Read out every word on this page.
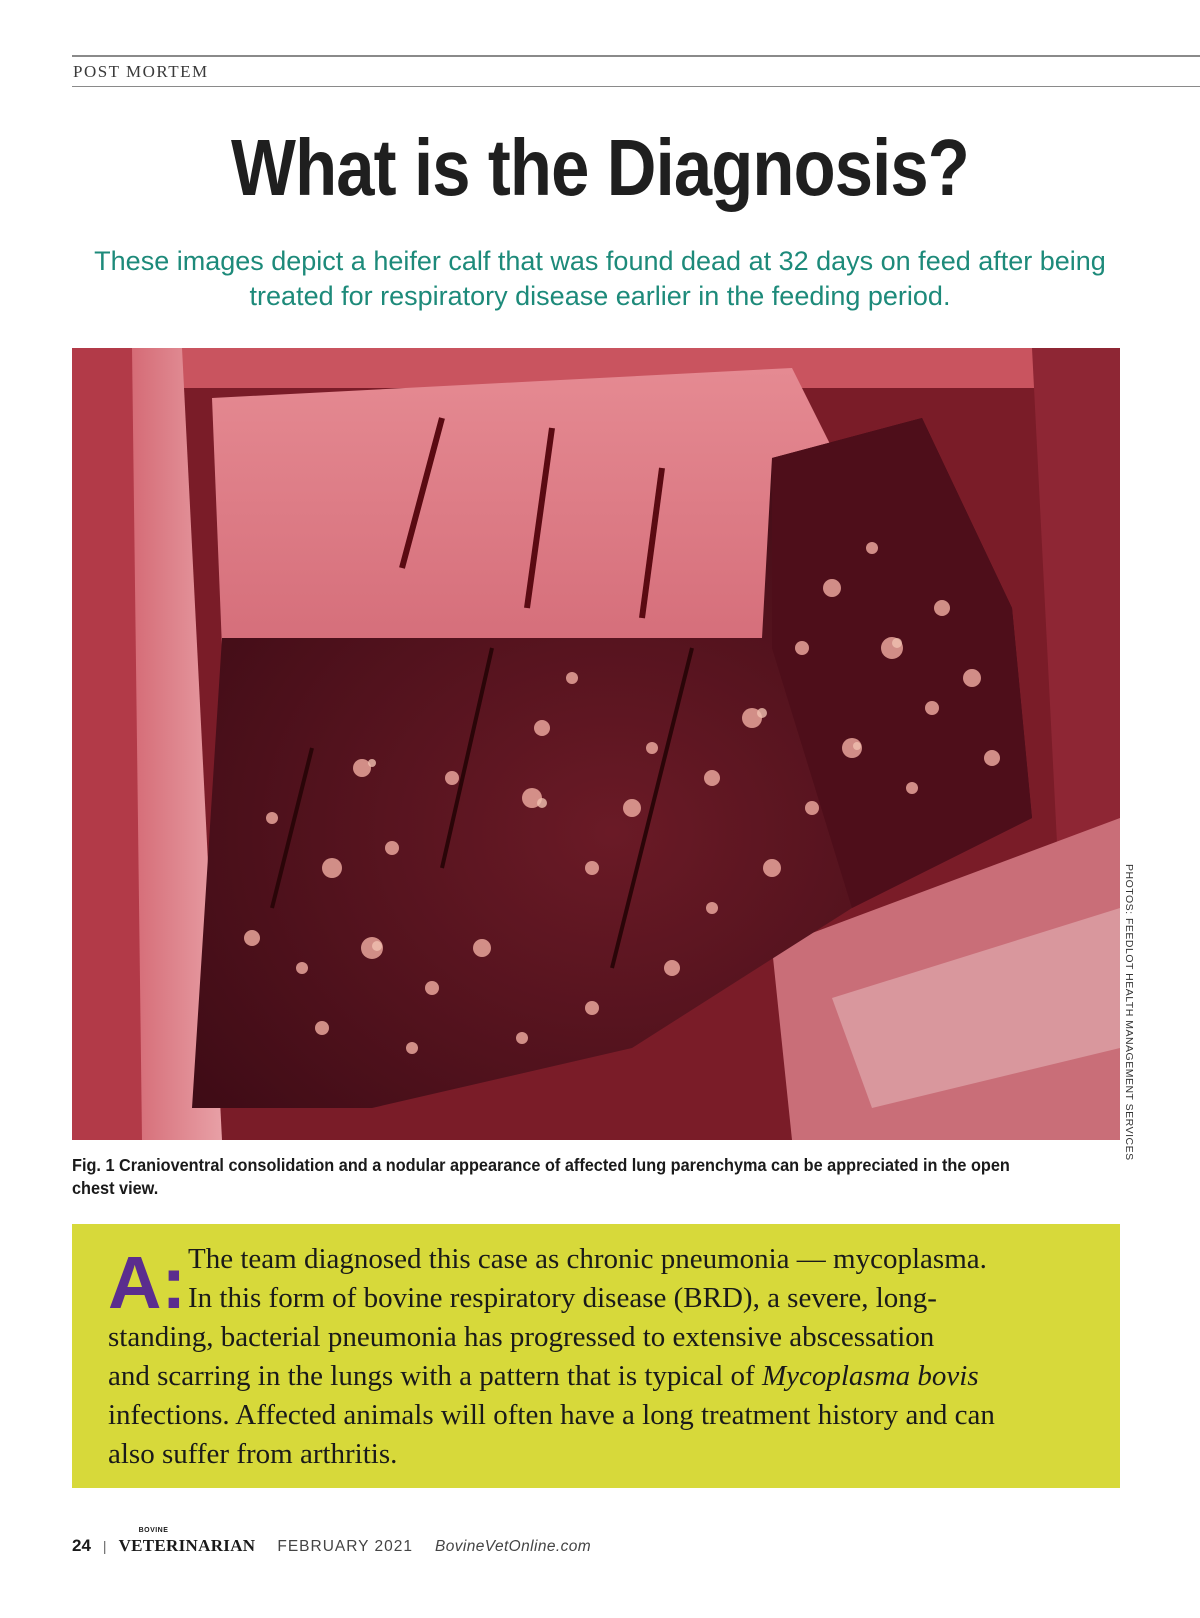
POST MORTEM
What is the Diagnosis?
These images depict a heifer calf that was found dead at 32 days on feed after being treated for respiratory disease earlier in the feeding period.
PHOTOS: FEEDLOT HEALTH MANAGEMENT SERVICES
Fig. 1 Cranioventral consolidation and a nodular appearance of affected lung parenchyma can be appreciated in the open chest view.
A: The team diagnosed this case as chronic pneumonia — mycoplasma.
In this form of bovine respiratory disease (BRD), a severe, long-
standing, bacterial pneumonia has progressed to extensive abscessation
and scarring in the lungs with a pattern that is typical of Mycoplasma bovis
infections. Affected animals will often have a long treatment history and can
also suffer from arthritis.
24 |
BOVINE
VETERINARIAN FEBRUARY 2021 BovineVetOnline.com
